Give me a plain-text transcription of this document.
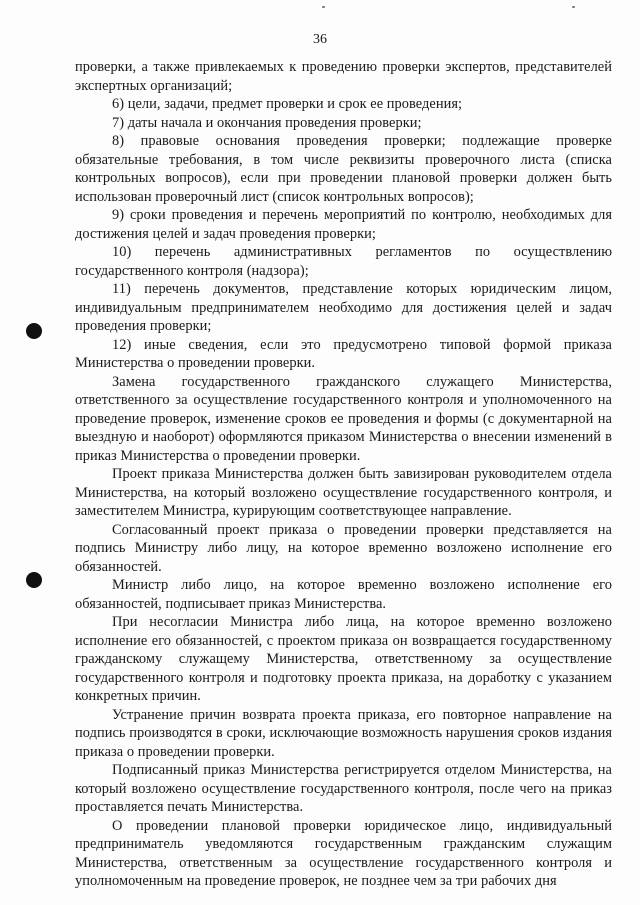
36

проверки, а также привлекаемых к проведению проверки экспертов, представителей экспертных организаций;

6) цели, задачи, предмет проверки и срок ее проведения;

7) даты начала и окончания проведения проверки;

8) правовые основания проведения проверки; подлежащие проверке обязательные требования, в том числе реквизиты проверочного листа (списка контрольных вопросов), если при проведении плановой проверки должен быть использован проверочный лист (список контрольных вопросов);

9) сроки проведения и перечень мероприятий по контролю, необходимых для достижения целей и задач проведения проверки;

10) перечень административных регламентов по осуществлению государственного контроля (надзора);

11) перечень документов, представление которых юридическим лицом, индивидуальным предпринимателем необходимо для достижения целей и задач проведения проверки;

12) иные сведения, если это предусмотрено типовой формой приказа Министерства о проведении проверки.

Замена государственного гражданского служащего Министерства, ответственного за осуществление государственного контроля и уполномоченного на проведение проверок, изменение сроков ее проведения и формы (с документарной на выездную и наоборот) оформляются приказом Министерства о внесении изменений в приказ Министерства о проведении проверки.

Проект приказа Министерства должен быть завизирован руководителем отдела Министерства, на который возложено осуществление государственного контроля, и заместителем Министра, курирующим соответствующее направление.

Согласованный проект приказа о проведении проверки представляется на подпись Министру либо лицу, на которое временно возложено исполнение его обязанностей.

Министр либо лицо, на которое временно возложено исполнение его обязанностей, подписывает приказ Министерства.

При несогласии Министра либо лица, на которое временно возложено исполнение его обязанностей, с проектом приказа он возвращается государственному гражданскому служащему Министерства, ответственному за осуществление государственного контроля и подготовку проекта приказа, на доработку с указанием конкретных причин.

Устранение причин возврата проекта приказа, его повторное направление на подпись производятся в сроки, исключающие возможность нарушения сроков издания приказа о проведении проверки.

Подписанный приказ Министерства регистрируется отделом Министерства, на который возложено осуществление государственного контроля, после чего на приказ проставляется печать Министерства.

О проведении плановой проверки юридическое лицо, индивидуальный предприниматель уведомляются государственным гражданским служащим Министерства, ответственным за осуществление государственного контроля и уполномоченным на проведение проверок, не позднее чем за три рабочих дня
